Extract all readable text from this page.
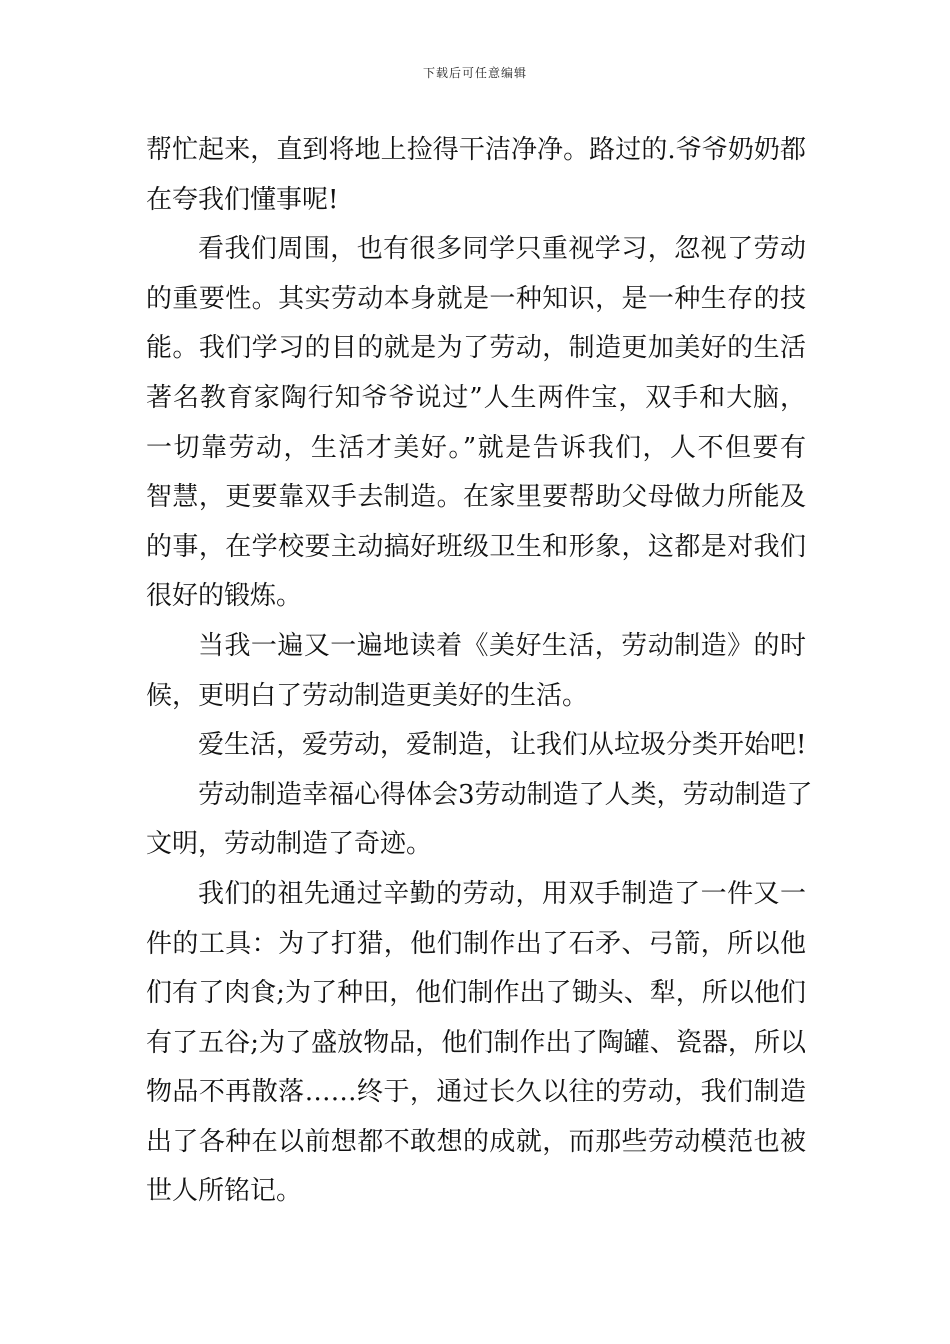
下载后可任意编辑
帮忙起来，直到将地上捡得干洁净净。路过的.爷爷奶奶都
在夸我们懂事呢!
看我们周围，也有很多同学只重视学习，忽视了劳动
的重要性。其实劳动本身就是一种知识，是一种生存的技
能。我们学习的目的就是为了劳动，制造更加美好的生活
著名教育家陶行知爷爷说过”人生两件宝，双手和大脑，
一切靠劳动，生活才美好。”就是告诉我们，人不但要有
智慧，更要靠双手去制造。在家里要帮助父母做力所能及
的事，在学校要主动搞好班级卫生和形象，这都是对我们
很好的锻炼。
当我一遍又一遍地读着《美好生活，劳动制造》的时
候，更明白了劳动制造更美好的生活。
爱生活，爱劳动，爱制造，让我们从垃圾分类开始吧!
劳动制造幸福心得体会3劳动制造了人类，劳动制造了
文明，劳动制造了奇迹。
我们的祖先通过辛勤的劳动，用双手制造了一件又一
件的工具：为了打猎，他们制作出了石矛、弓箭，所以他
们有了肉食;为了种田，他们制作出了锄头、犁，所以他们
有了五谷;为了盛放物品，他们制作出了陶罐、瓷器，所以
物品不再散落……终于，通过长久以往的劳动，我们制造
出了各种在以前想都不敢想的成就，而那些劳动模范也被
世人所铭记。
